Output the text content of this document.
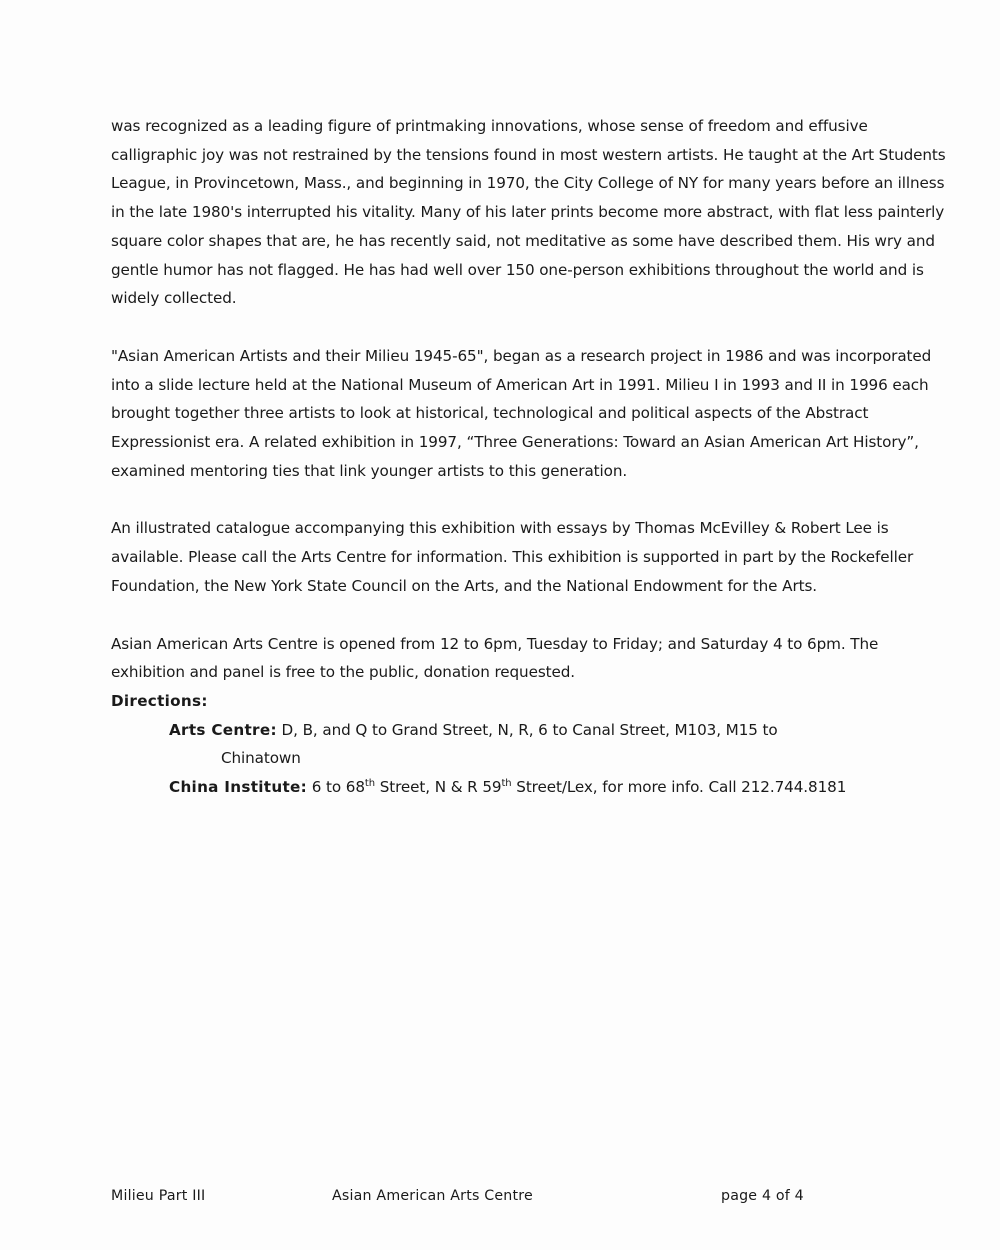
was recognized as a leading figure of printmaking innovations, whose sense of freedom and effusive calligraphic joy was not restrained by the tensions found in most western artists. He taught at the Art Students League, in Provincetown, Mass., and beginning in 1970, the City College of NY for many years before an illness in the late 1980's interrupted his vitality. Many of his later prints become more abstract, with flat less painterly square color shapes that are, he has recently said, not meditative as some have described them. His wry and gentle humor has not flagged. He has had well over 150 one-person exhibitions throughout the world and is widely collected.

"Asian American Artists and their Milieu 1945-65", began as a research project in 1986 and was incorporated into a slide lecture held at the National Museum of American Art in 1991. Milieu I in 1993 and II in 1996 each brought together three artists to look at historical, technological and political aspects of the Abstract Expressionist era. A related exhibition in 1997, “Three Generations: Toward an Asian American Art History”, examined mentoring ties that link younger artists to this generation.

An illustrated catalogue accompanying this exhibition with essays by Thomas McEvilley & Robert Lee is available. Please call the Arts Centre for information. This exhibition is supported in part by the Rockefeller Foundation, the New York State Council on the Arts, and the National Endowment for the Arts.

Asian American Arts Centre is opened from 12 to 6pm, Tuesday to Friday; and Saturday 4 to 6pm. The exhibition and panel is free to the public, donation requested.

Directions:
Arts Centre: D, B, and Q to Grand Street, N, R, 6 to Canal Street, M103, M15 to
Chinatown
China Institute: 6 to 68th Street, N & R 59th Street/Lex, for more info. Call 212.744.8181
Milieu Part III	Asian American Arts Centre	page 4 of 4
